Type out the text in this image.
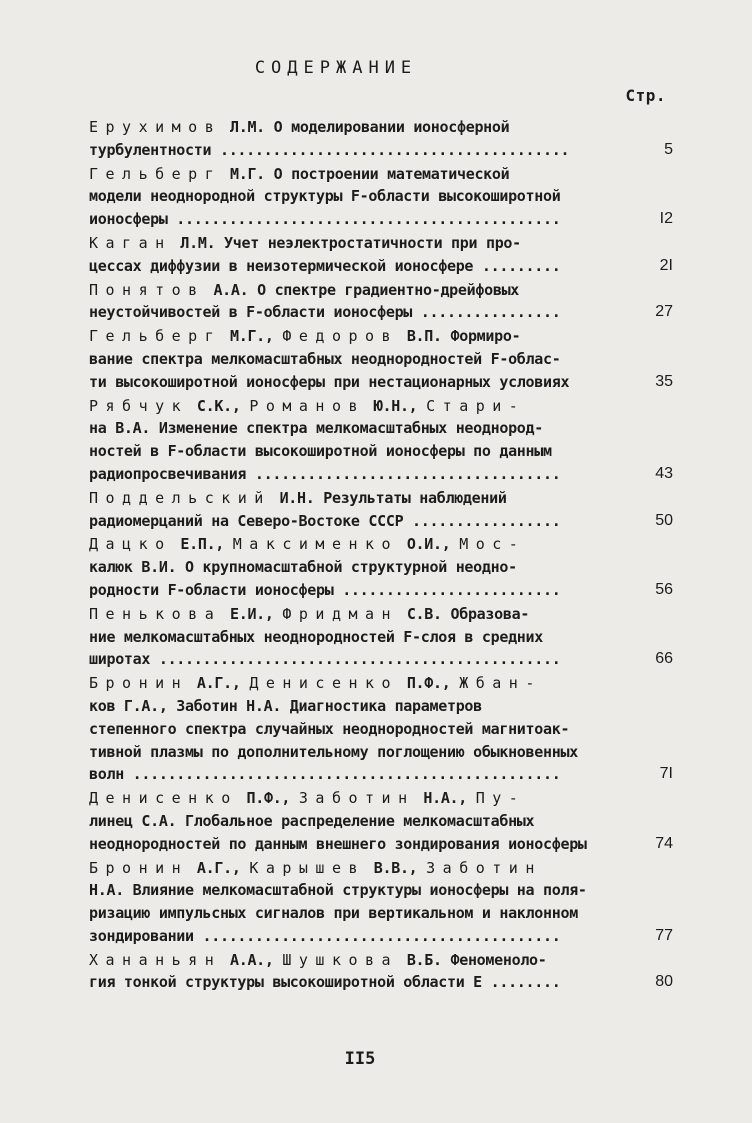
СОДЕРЖАНИЕ
Стр.
Ерухимов Л.М. О моделировании ионосферной
турбулентности ........................................	5
Гельберг М.Г. О построении математической
модели неоднородной структуры F-области высокоширотной
ионосферы ............................................	I2
Каган Л.М. Учет неэлектростатичности при про-
цессах диффузии в неизотермической ионосфере .........	2I
Понятов А.А. О спектре градиентно-дрейфовых
неустойчивостей в F-области ионосферы ................	27
Гельберг М.Г., Федоров В.П. Формиро-
вание спектра мелкомасштабных неоднородностей F-облас-
ти высокоширотной ионосферы при нестационарных условиях	35
Рябчук С.К., Романов Ю.Н., Стари-
на В.А. Изменение спектра мелкомасштабных неоднород-
ностей в F-области высокоширотной ионосферы по данным
радиопросвечивания ...................................	43
Поддельский И.Н. Результаты наблюдений
радиомерцаний на Северо-Востоке СССР .................	50
Дацко Е.П., Максименко О.И., Мос-
калюк В.И. О крупномасштабной структурной неодно-
родности F-области ионосферы .........................	56
Пенькова Е.И., Фридман С.В. Образова-
ние мелкомасштабных неоднородностей F-слоя в средних
широтах ..............................................	66
Бронин А.Г., Денисенко П.Ф., Жбан-
ков Г.А., Заботин Н.А. Диагностика параметров
степенного спектра случайных неоднородностей магнитоак-
тивной плазмы по дополнительному поглощению обыкновенных
волн .................................................	7I
Денисенко П.Ф., Заботин Н.А., Пу-
линец С.А. Глобальное распределение мелкомасштабных
неоднородностей по данным внешнего зондирования ионосферы	74
Бронин А.Г., Карышев В.В., Заботин
Н.А. Влияние мелкомасштабной структуры ионосферы на поля-
ризацию импульсных сигналов при вертикальном и наклонном
зондировании .........................................	77
Хананьян А.А., Шушкова В.Б. Феноменоло-
гия тонкой структуры высокоширотной области Е ........	80
II5
